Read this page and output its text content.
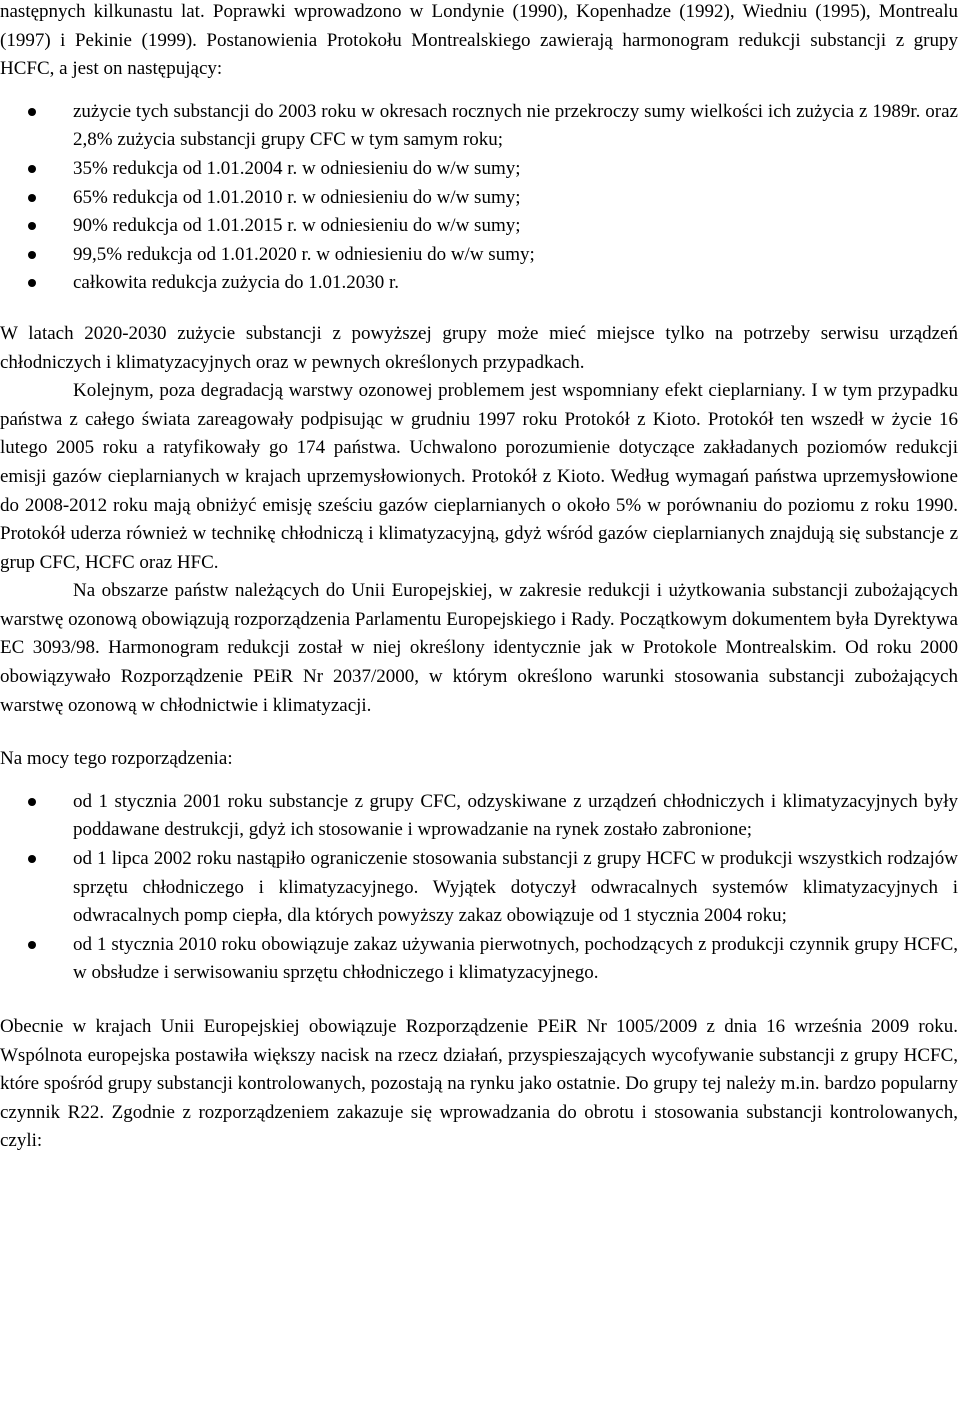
następnych kilkunastu lat. Poprawki wprowadzono w Londynie (1990), Kopenhadze (1992), Wiedniu (1995), Montrealu (1997) i Pekinie (1999). Postanowienia Protokołu Montrealskiego zawierają harmonogram redukcji substancji z grupy HCFC, a jest on następujący:

zużycie tych substancji do 2003 roku w okresach rocznych nie przekroczy sumy wielkości ich zużycia z 1989r. oraz 2,8% zużycia substancji grupy CFC w tym samym roku;
35% redukcja od 1.01.2004 r. w odniesieniu do w/w sumy;
65% redukcja od 1.01.2010 r. w odniesieniu do w/w sumy;
90% redukcja od 1.01.2015 r. w odniesieniu do w/w sumy;
99,5% redukcja od 1.01.2020 r. w odniesieniu do w/w sumy;
całkowita redukcja zużycia do 1.01.2030 r.

W latach 2020-2030 zużycie substancji z powyższej grupy może mieć miejsce tylko na potrzeby serwisu urządzeń chłodniczych i klimatyzacyjnych oraz w pewnych określonych przypadkach.

Kolejnym, poza degradacją warstwy ozonowej problemem jest wspomniany efekt cieplarniany. I w tym przypadku państwa z całego świata zareagowały podpisując w grudniu 1997 roku Protokół z Kioto. Protokół ten wszedł w życie 16 lutego 2005 roku a ratyfikowały go 174 państwa. Uchwalono porozumienie dotyczące zakładanych poziomów redukcji emisji gazów cieplarnianych w krajach uprzemysłowionych. Protokół z Kioto. Według wymagań państwa uprzemysłowione do 2008-2012 roku mają obniżyć emisję sześciu gazów cieplarnianych o około 5% w porównaniu do poziomu z roku 1990. Protokół uderza również w technikę chłodniczą i klimatyzacyjną, gdyż wśród gazów cieplarnianych znajdują się substancje z grup CFC, HCFC oraz HFC.

Na obszarze państw należących do Unii Europejskiej, w zakresie redukcji i użytkowania substancji zubożających warstwę ozonową obowiązują rozporządzenia Parlamentu Europejskiego i Rady. Początkowym dokumentem była Dyrektywa EC 3093/98. Harmonogram redukcji został w niej określony identycznie jak w Protokole Montrealskim. Od roku 2000 obowiązywało Rozporządzenie PEiR Nr 2037/2000, w którym określono warunki stosowania substancji zubożających warstwę ozonową w chłodnictwie i klimatyzacji.

Na mocy tego rozporządzenia:

od 1 stycznia 2001 roku substancje z grupy CFC, odzyskiwane z urządzeń chłodniczych i klimatyzacyjnych były poddawane destrukcji, gdyż ich stosowanie i wprowadzanie na rynek zostało zabronione;
od 1 lipca 2002 roku nastąpiło ograniczenie stosowania substancji z grupy HCFC w produkcji wszystkich rodzajów sprzętu chłodniczego i klimatyzacyjnego. Wyjątek dotyczył odwracalnych systemów klimatyzacyjnych i odwracalnych pomp ciepła, dla których powyższy zakaz obowiązuje od 1 stycznia 2004 roku;
od 1 stycznia 2010 roku obowiązuje zakaz używania pierwotnych, pochodzących z produkcji czynnik grupy HCFC, w obsłudze i serwisowaniu sprzętu chłodniczego i klimatyzacyjnego.

Obecnie w krajach Unii Europejskiej obowiązuje Rozporządzenie PEiR Nr 1005/2009 z dnia 16 września 2009 roku. Wspólnota europejska postawiła większy nacisk na rzecz działań, przyspieszających wycofywanie substancji z grupy HCFC, które spośród grupy substancji kontrolowanych, pozostają na rynku jako ostatnie. Do grupy tej należy m.in. bardzo popularny czynnik R22. Zgodnie z rozporządzeniem zakazuje się wprowadzania do obrotu i stosowania substancji kontrolowanych, czyli:
